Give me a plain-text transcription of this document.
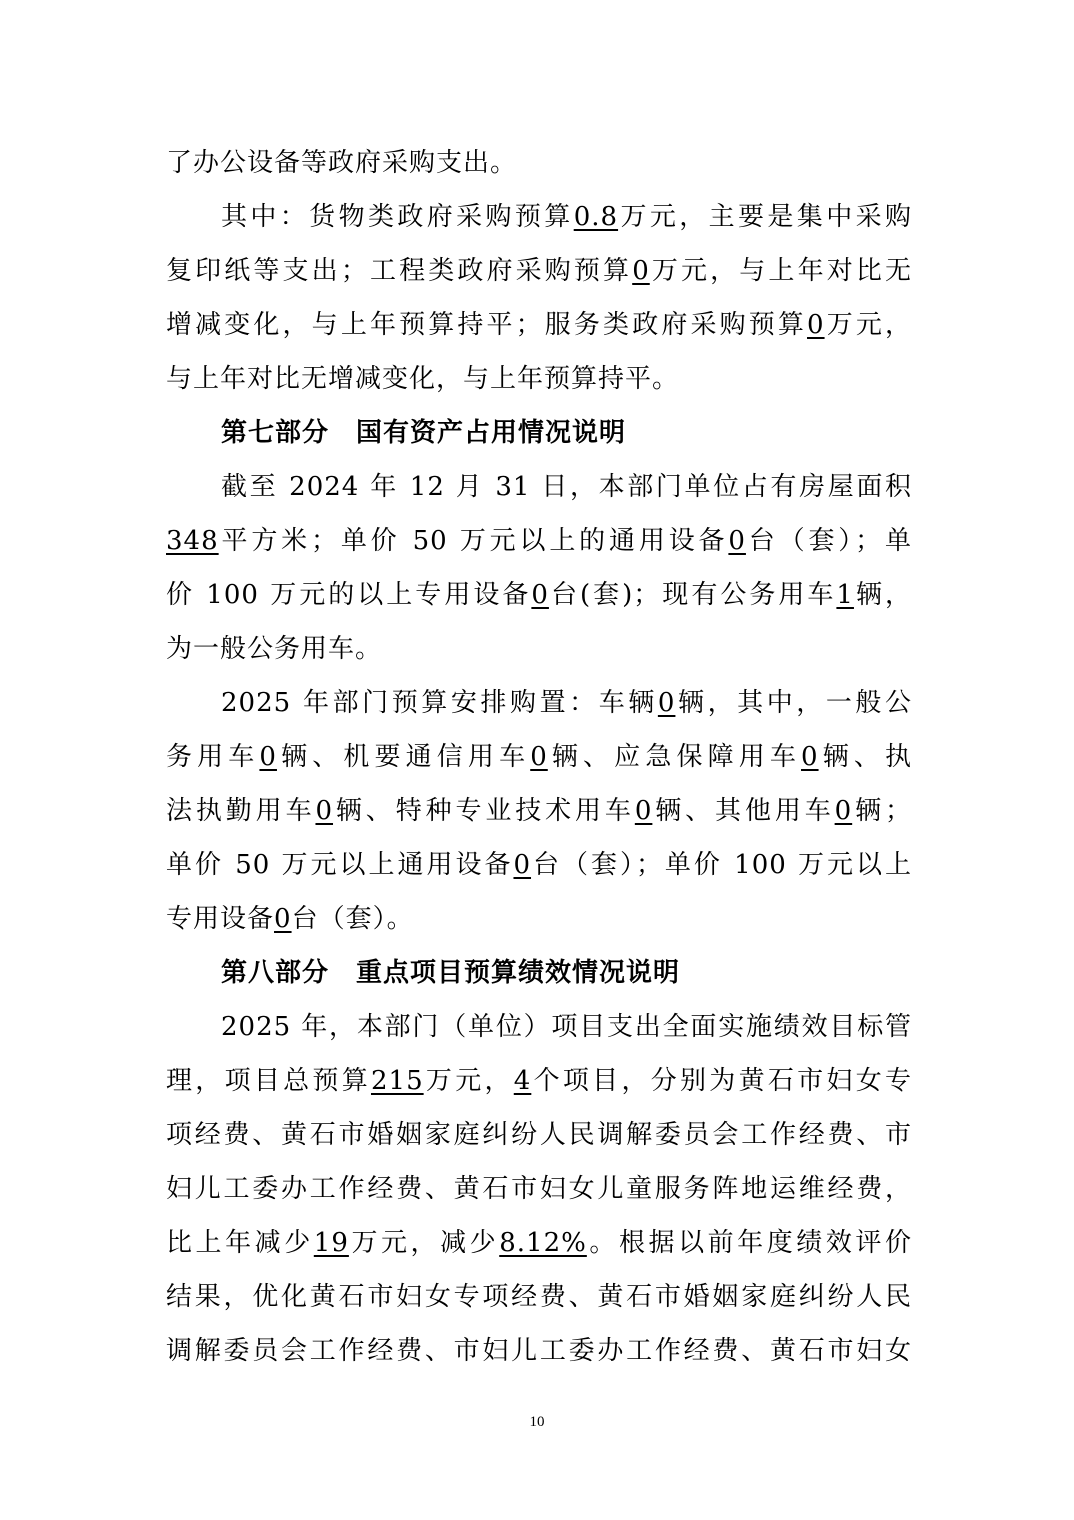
了办公设备等政府采购支出。
其中：货物类政府采购预算0.8万元，主要是集中采购
复印纸等支出；工程类政府采购预算0万元，与上年对比无
增减变化，与上年预算持平；服务类政府采购预算0万元，
与上年对比无增减变化，与上年预算持平。
第七部分　国有资产占用情况说明
截至 2024 年 12 月 31 日，本部门单位占有房屋面积
348平方米；单价 50 万元以上的通用设备0台（套）；单
价 100 万元的以上专用设备0台(套)；现有公务用车1辆，
为一般公务用车。
2025 年部门预算安排购置：车辆0辆，其中，一般公
务用车0辆、机要通信用车0辆、应急保障用车0辆、执
法执勤用车0辆、特种专业技术用车0辆、其他用车0辆；
单价 50 万元以上通用设备0台（套）；单价 100 万元以上
专用设备0台（套）。
第八部分　重点项目预算绩效情况说明
2025 年，本部门（单位）项目支出全面实施绩效目标管
理，项目总预算215万元，4个项目，分别为黄石市妇女专
项经费、黄石市婚姻家庭纠纷人民调解委员会工作经费、市
妇儿工委办工作经费、黄石市妇女儿童服务阵地运维经费，
比上年减少19万元，减少8.12%。根据以前年度绩效评价
结果，优化黄石市妇女专项经费、黄石市婚姻家庭纠纷人民
调解委员会工作经费、市妇儿工委办工作经费、黄石市妇女
10
